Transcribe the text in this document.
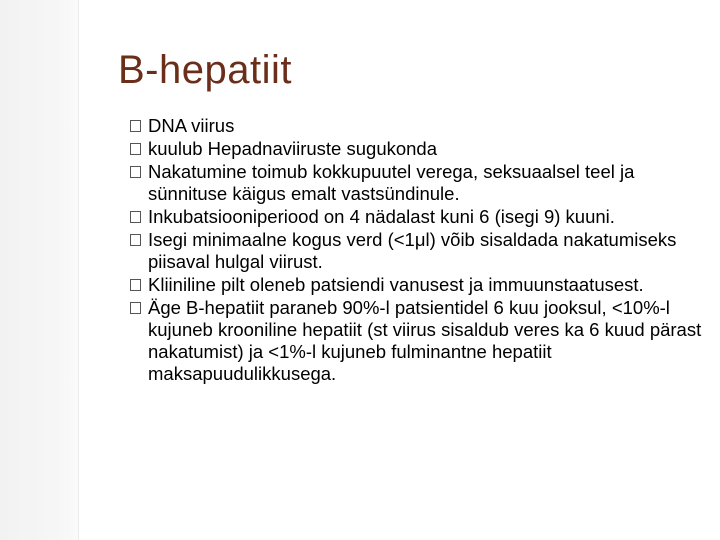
B-hepatiit
DNA viirus
kuulub Hepadnaviiruste sugukonda
Nakatumine toimub kokkupuutel verega, seksuaalsel teel ja sünnituse käigus emalt vastsündinule.
Inkubatsiooniperiood on 4 nädalast kuni 6 (isegi 9) kuuni.
Isegi minimaalne kogus verd (<1μl) võib sisaldada nakatumiseks piisaval hulgal viirust.
Kliiniline pilt oleneb patsiendi vanusest ja immuunstaatusest.
Äge B-hepatiit paraneb 90%-l patsientidel 6 kuu jooksul, <10%-l kujuneb krooniline hepatiit (st viirus sisaldub veres ka 6 kuud pärast nakatumist) ja <1%-l kujuneb fulminantne hepatiit maksapuudulikkusega.
